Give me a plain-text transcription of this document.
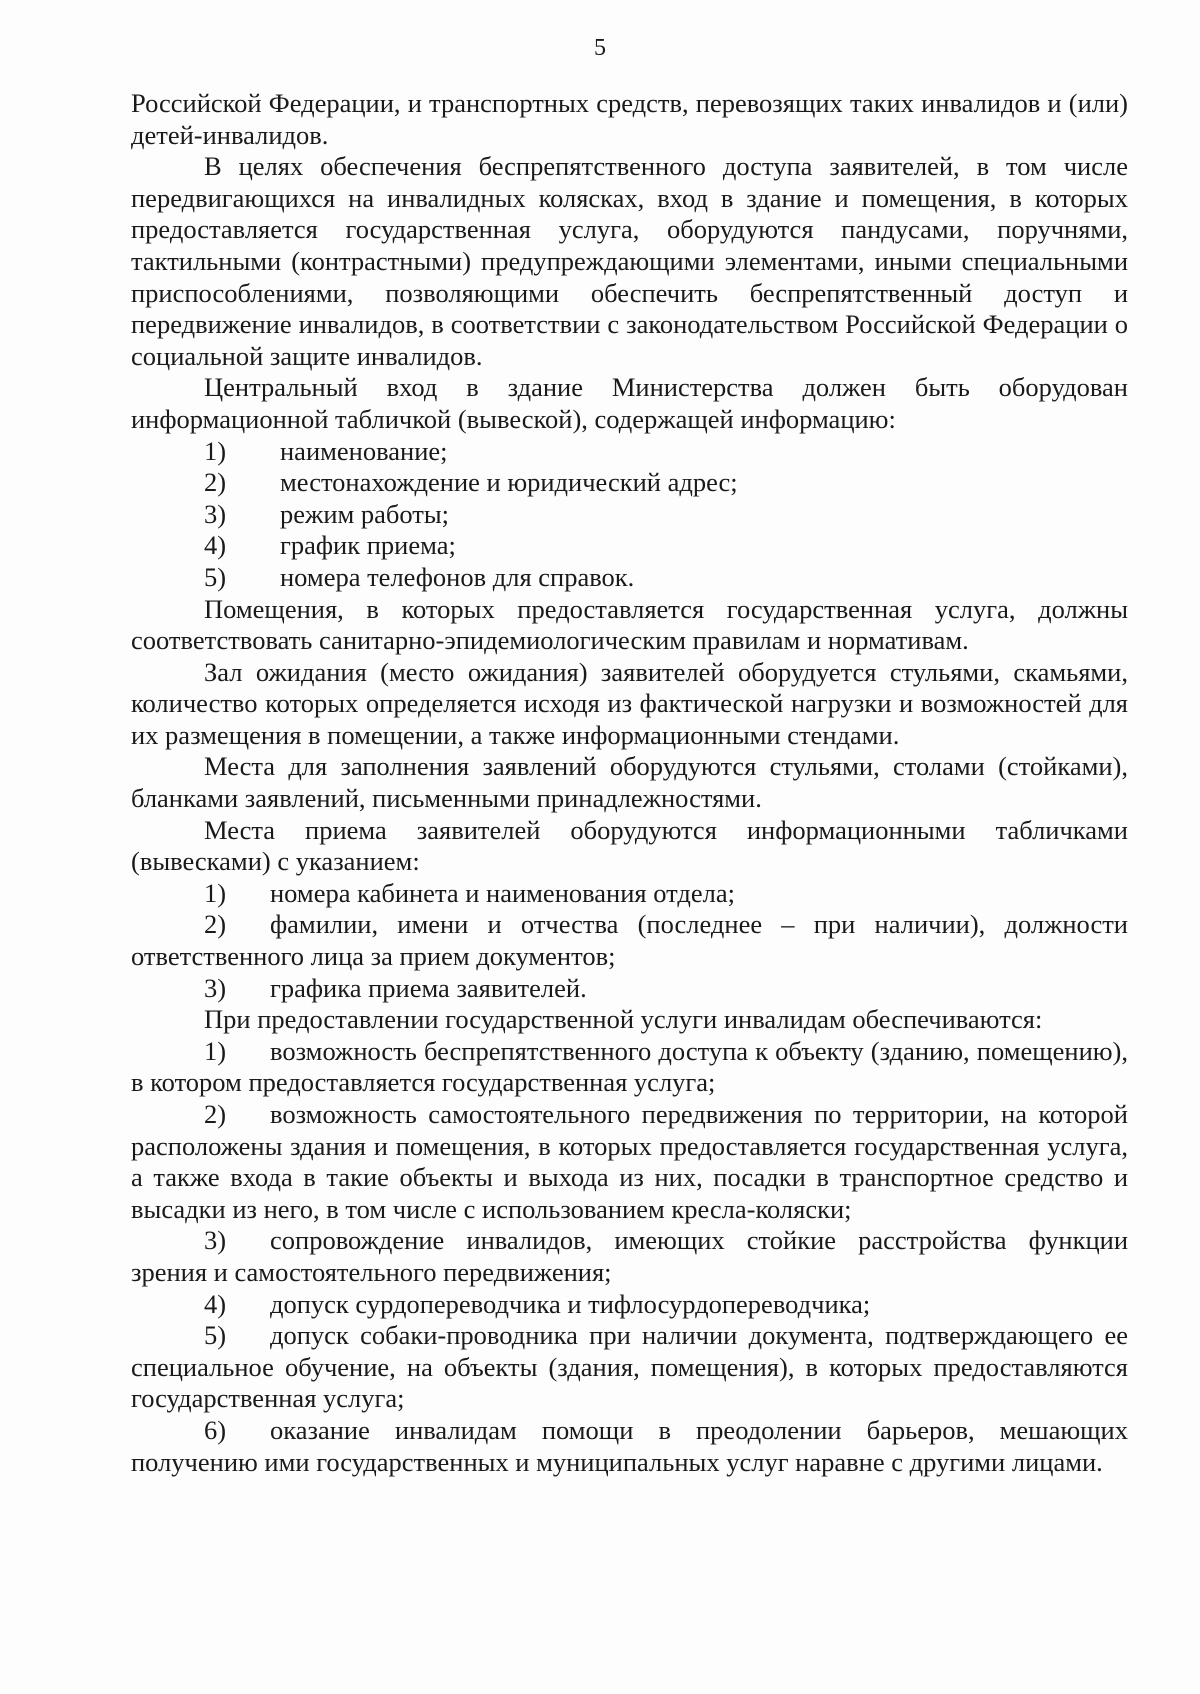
5

Российской Федерации, и транспортных средств, перевозящих таких инвалидов и (или) детей-инвалидов.

В целях обеспечения беспрепятственного доступа заявителей, в том числе передвигающихся на инвалидных колясках, вход в здание и помещения, в которых предоставляется государственная услуга, оборудуются пандусами, поручнями, тактильными (контрастными) предупреждающими элементами, иными специальными приспособлениями, позволяющими обеспечить беспрепятственный доступ и передвижение инвалидов, в соответствии с законодательством Российской Федерации о социальной защите инвалидов.

Центральный вход в здание Министерства должен быть оборудован информационной табличкой (вывеской), содержащей информацию:

1)	наименование;
2)	местонахождение и юридический адрес;
3)	режим работы;
4)	график приема;
5)	номера телефонов для справок.

Помещения, в которых предоставляется государственная услуга, должны соответствовать санитарно-эпидемиологическим правилам и нормативам.

Зал ожидания (место ожидания) заявителей оборудуется стульями, скамьями, количество которых определяется исходя из фактической нагрузки и возможностей для их размещения в помещении, а также информационными стендами.

Места для заполнения заявлений оборудуются стульями, столами (стойками), бланками заявлений, письменными принадлежностями.

Места приема заявителей оборудуются информационными табличками (вывесками) с указанием:

1) номера кабинета и наименования отдела;

2) фамилии, имени и отчества (последнее – при наличии), должности ответственного лица за прием документов;

3) графика приема заявителей.

При предоставлении государственной услуги инвалидам обеспечиваются:

1) возможность беспрепятственного доступа к объекту (зданию, помещению), в котором предоставляется государственная услуга;

2) возможность самостоятельного передвижения по территории, на которой расположены здания и помещения, в которых предоставляется государственная услуга, а также входа в такие объекты и выхода из них, посадки в транспортное средство и высадки из него, в том числе с использованием кресла-коляски;

3) сопровождение инвалидов, имеющих стойкие расстройства функции зрения и самостоятельного передвижения;

4) допуск сурдопереводчика и тифлосурдопереводчика;

5) допуск собаки-проводника при наличии документа, подтверждающего ее специальное обучение, на объекты (здания, помещения), в которых предоставляются государственная услуга;

6) оказание инвалидам помощи в преодолении барьеров, мешающих получению ими государственных и муниципальных услуг наравне с другими лицами.
